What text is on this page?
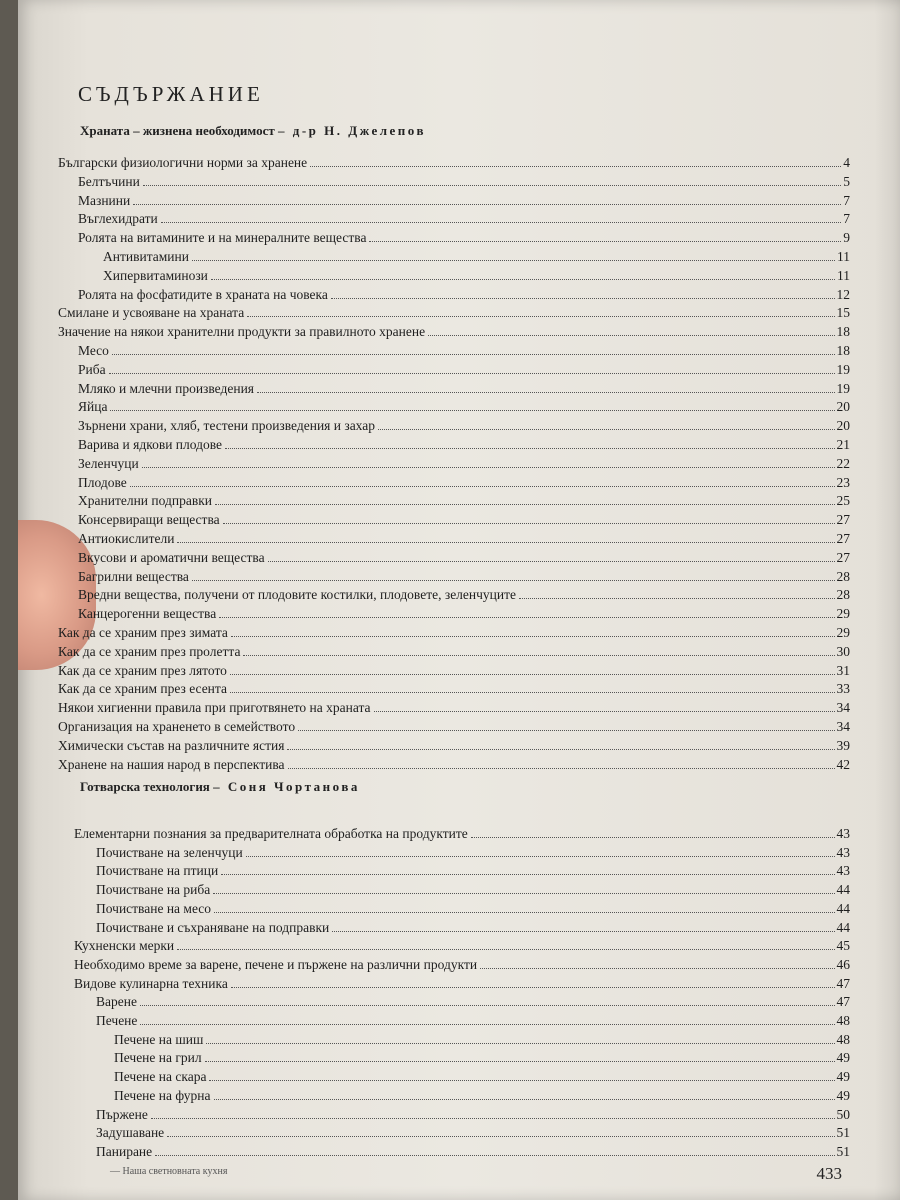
СЪДЪРЖАНИЕ
Храната – жизнена необходимост – д-р Н. Джелепов
Български физиологични норми за хранене	4
Белтъчини	5
Мазнини	7
Въглехидрати	7
Ролята на витамините и на минералните вещества	9
Антивитамини	11
Хипервитаминози	11
Ролята на фосфатидите в храната на човека	12
Смилане и усвояване на храната	15
Значение на някои хранителни продукти за правилното хранене	18
Месо	18
Риба	19
Мляко и млечни произведения	19
Яйца	20
Зърнени храни, хляб, тестени произведения и захар	20
Варива и ядкови плодове	21
Зеленчуци	22
Плодове	23
Хранителни подправки	25
Консервиращи вещества	27
Антиокислители	27
Вкусови и ароматични вещества	27
Багрилни вещества	28
Вредни вещества, получени от плодовите костилки, плодовете, зеленчуците	28
Канцерогенни вещества	29
Как да се храним през зимата	29
Как да се храним през пролетта	30
Как да се храним през лятото	31
Как да се храним през есента	33
Някои хигиенни правила при приготвянето на храната	34
Организация на храненето в семейството	34
Химически състав на различните ястия	39
Хранене на нашия народ в перспектива	42
Готварска технология – Соня Чортанова
Елементарни познания за предварителната обработка на продуктите	43
Почистване на зеленчуци	43
Почистване на птици	43
Почистване на риба	44
Почистване на месо	44
Почистване и съхраняване на подправки	44
Кухненски мерки	45
Необходимо време за варене, печене и пържене на различни продукти	46
Видове кулинарна техника	47
Варене	47
Печене	48
Печене на шиш	48
Печене на грил	49
Печене на скара	49
Печене на фурна	49
Пържене	50
Задушаване	51
Паниране	51
— Наша светновната кухня	433
